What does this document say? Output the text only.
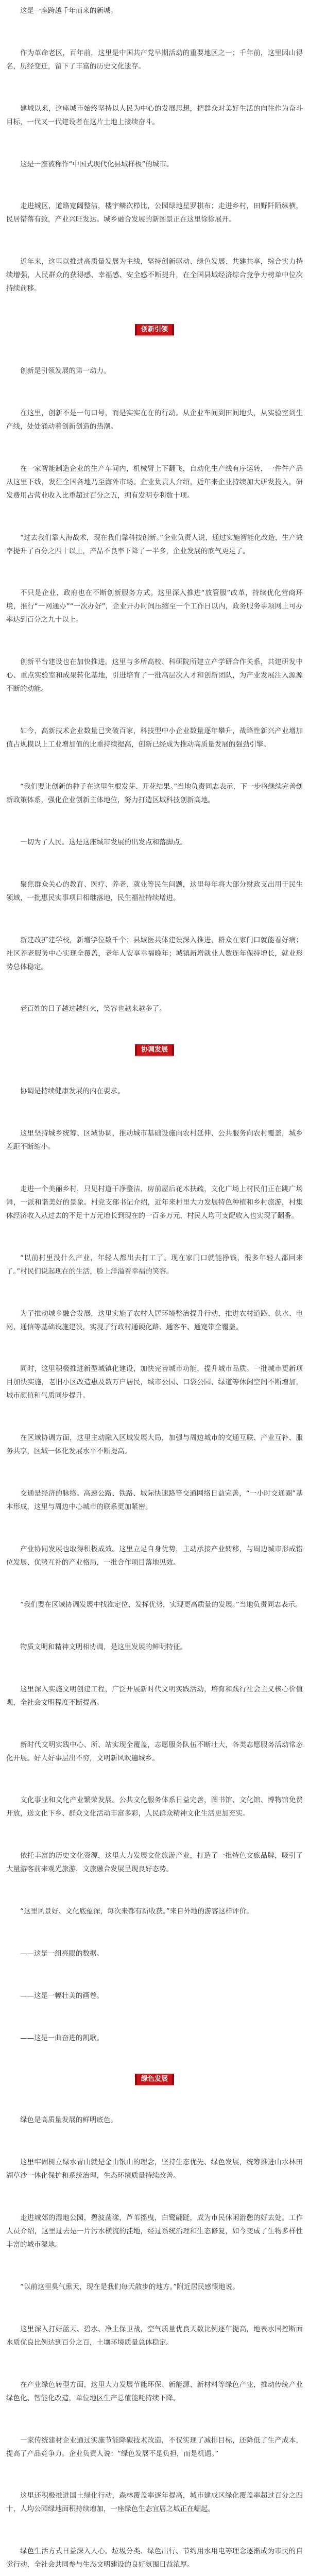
这是一座跨越千年而来的新城。

作为革命老区，百年前，这里是中国共产党早期活动的重要地区之一；千年前，这里因山得名，历经变迁，留下了丰富的历史文化遗存。

建城以来，这座城市始终坚持以人民为中心的发展思想，把群众对美好生活的向往作为奋斗目标，一代又一代建设者在这片土地上接续奋斗。

这是一座被称作“中国式现代化县域样板”的城市。

走进城区，道路宽阔整洁，楼宇鳞次栉比，公园绿地星罗棋布；走进乡村，田野阡陌纵横，民居错落有致，产业兴旺发达。城乡融合发展的新图景正在这里徐徐展开。

近年来，这里以推进高质量发展为主线，坚持创新驱动、绿色发展、共建共享，综合实力持续增强，人民群众的获得感、幸福感、安全感不断提升，在全国县域经济综合竞争力榜单中位次持续前移。

创新引领

创新是引领发展的第一动力。

在这里，创新不是一句口号，而是实实在在的行动。从企业车间到田间地头，从实验室到生产线，处处涌动着创新创造的热潮。

在一家智能制造企业的生产车间内，机械臂上下翻飞，自动化生产线有序运转，一件件产品从这里下线，发往全国各地乃至海外市场。企业负责人介绍，近年来企业持续加大研发投入，研发费用占营业收入比重超过百分之五，拥有发明专利数十项。

“过去我们靠人海战术，现在我们靠科技创新。”企业负责人说，通过实施智能化改造，生产效率提升了百分之四十以上，产品不良率下降了一半多，企业发展的底气更足了。

不只是企业，政府也在不断创新服务方式。这里深入推进“放管服”改革，持续优化营商环境，推行“一网通办”“一次办好”，企业开办时间压缩至一个工作日以内，政务服务事项网上可办率达到百分之九十以上。

创新平台建设也在加快推进。这里与多所高校、科研院所建立产学研合作关系，共建研发中心、重点实验室和成果转化基地，引进培育了一批高层次人才和创新团队，为产业发展注入源源不断的动能。

如今，高新技术企业数量已突破百家，科技型中小企业数量逐年攀升，战略性新兴产业增加值占规模以上工业增加值的比重持续提高，创新已经成为推动高质量发展的强劲引擎。

“我们要让创新的种子在这里生根发芽、开花结果。”当地负责同志表示，下一步将继续完善创新政策体系，强化企业创新主体地位，努力打造区域科技创新高地。

一切为了人民。这是这座城市发展的出发点和落脚点。

聚焦群众关心的教育、医疗、养老、就业等民生问题，这里每年将大部分财政支出用于民生领域，一批惠民实事项目相继落地，民生福祉持续增进。

新建改扩建学校，新增学位数千个；县域医共体建设深入推进，群众在家门口就能看好病；社区养老服务中心实现全覆盖，老年人安享幸福晚年；城镇新增就业人数连年保持增长，就业形势总体稳定。

老百姓的日子越过越红火，笑容也越来越多了。

协调发展

协调是持续健康发展的内在要求。

这里坚持城乡统筹、区域协调，推动城市基础设施向农村延伸、公共服务向农村覆盖，城乡差距不断缩小。

走进一个美丽乡村，只见村道干净整洁，房前屋后花木扶疏，文化广场上村民们正在跳广场舞，一派和谐美好的景象。村党支部书记介绍，近年来村里大力发展特色种植和乡村旅游，村集体经济收入从过去的不足十万元增长到现在的一百多万元，村民人均可支配收入也实现了翻番。

“以前村里没什么产业，年轻人都出去打工了。现在家门口就能挣钱，很多年轻人都回来了。”村民们说起现在的生活，脸上洋溢着幸福的笑容。

为了推动城乡融合发展，这里实施了农村人居环境整治提升行动，推进农村道路、供水、电网、通信等基础设施建设，实现了行政村通硬化路、通客车、通宽带全覆盖。

同时，这里积极推进新型城镇化建设，加快完善城市功能，提升城市品质。一批城市更新项目加快实施，老旧小区改造惠及数万户居民，城市公园、口袋公园、绿道等休闲空间不断增加，城市颜值和气质同步提升。

在区域协调方面，这里主动融入区域发展大局，加强与周边城市的交通互联、产业互补、服务共享，区域一体化发展水平不断提高。

交通是经济的脉络。高速公路、铁路、城际快速路等交通网络日益完善，“一小时交通圈”基本形成，这里与周边中心城市的联系更加紧密。

产业协同发展也取得积极成效。这里立足自身优势，主动承接产业转移，与周边城市形成错位发展、优势互补的产业格局，一批合作项目落地见效。

“我们要在区域协调发展中找准定位、发挥优势，实现更高质量的发展。”当地负责同志表示。

物质文明和精神文明相协调，是这里发展的鲜明特征。

这里深入实施文明创建工程，广泛开展新时代文明实践活动，培育和践行社会主义核心价值观，全社会文明程度不断提高。

新时代文明实践中心、所、站实现全覆盖，志愿服务队伍不断壮大，各类志愿服务活动常态化开展。好人好事层出不穷，文明新风吹遍城乡。

文化事业和文化产业繁荣发展。公共文化服务体系日益完善，图书馆、文化馆、博物馆免费开放，送文化下乡、群众文化活动丰富多彩，人民群众精神文化生活更加充实。

依托丰富的历史文化资源，这里大力发展文化旅游产业，打造了一批特色文旅品牌，吸引了大量游客前来观光旅游，文旅融合发展呈现良好态势。

“这里风景好、文化底蕴深，每次来都有新收获。”来自外地的游客这样评价。

——这是一组亮眼的数据。

——这是一幅壮美的画卷。

——这是一曲奋进的凯歌。

绿色发展

绿色是高质量发展的鲜明底色。

这里牢固树立绿水青山就是金山银山的理念，坚持生态优先、绿色发展，统筹推进山水林田湖草沙一体化保护和系统治理，生态环境质量持续改善。

走进城郊的湿地公园，碧波荡漾，芦苇摇曳，白鹭翩跹，成为市民休闲游憩的好去处。工作人员介绍，这里过去是一片污水横流的洼地，经过系统治理和生态修复，如今变成了生物多样性丰富的城市湿地。

“以前这里臭气熏天，现在是我们每天散步的地方。”附近居民感慨地说。

这里深入打好蓝天、碧水、净土保卫战，空气质量优良天数比例逐年提高，地表水国控断面水质优良比例达到百分之百，土壤环境质量总体稳定。

在产业绿色转型方面，这里大力发展节能环保、新能源、新材料等绿色产业，推动传统产业绿色化、智能化改造，单位地区生产总值能耗持续下降。

一家传统建材企业通过实施节能降碳技术改造，不仅实现了减排目标，还降低了生产成本，提高了产品竞争力。企业负责人说：“绿色发展不是负担，而是机遇。”

这里还积极推进国土绿化行动，森林覆盖率逐年提高，城市建成区绿化覆盖率超过百分之四十，人均公园绿地面积持续增加，一座绿色生态宜居之城正在崛起。

绿色生活方式日益深入人心。垃圾分类、绿色出行、节约用水用电等理念逐渐成为市民的自觉行动，全社会共同参与生态文明建设的良好氛围日益浓厚。
